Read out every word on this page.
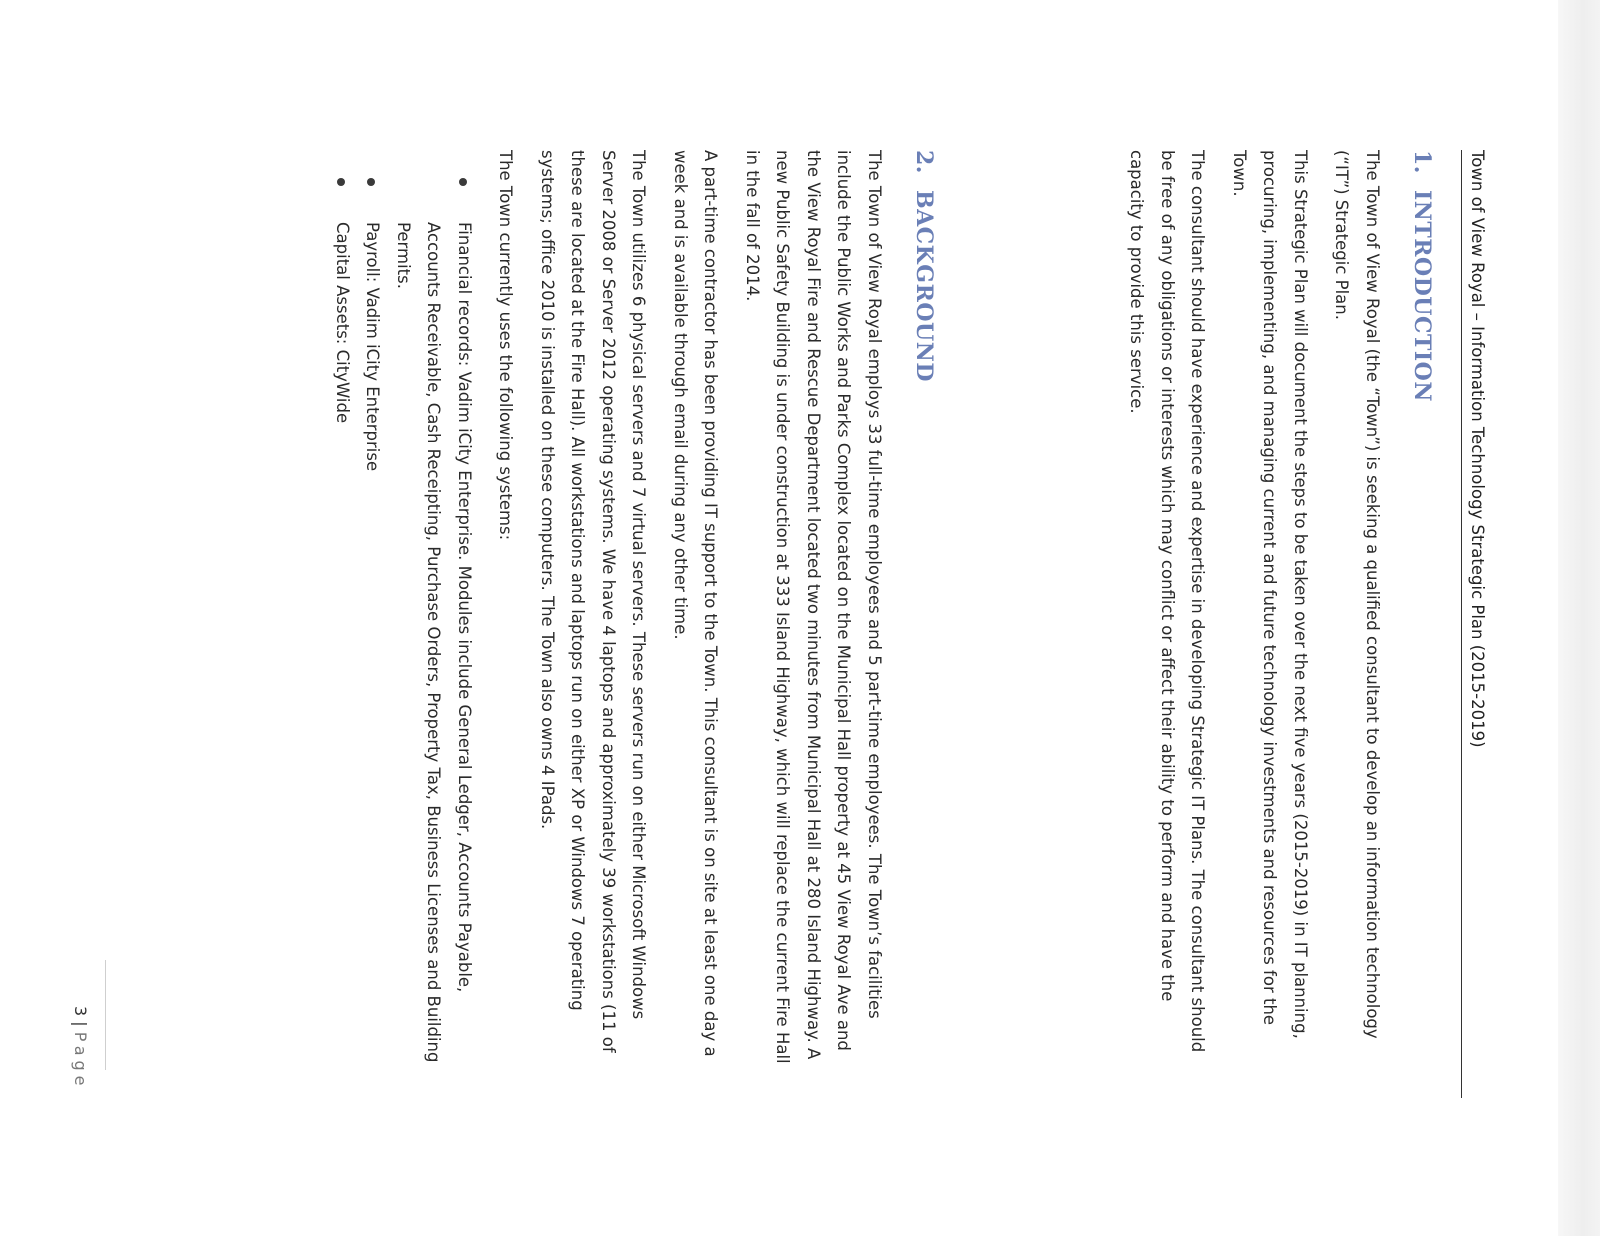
Town of View Royal – Information Technology Strategic Plan (2015-2019)
1.INTRODUCTION

The Town of View Royal (the “Town”) is seeking a qualified consultant to develop an information technology (“IT”) Strategic Plan.

This Strategic Plan will document the steps to be taken over the next five years (2015-2019) in IT planning, procuring, implementing, and managing current and future technology investments and resources for the Town.

The consultant should have experience and expertise in developing Strategic IT Plans. The consultant should be free of any obligations or interests which may conflict or affect their ability to perform and have the capacity to provide this service.

2.BACKGROUND

The Town of View Royal employs 33 full-time employees and 5 part-time employees. The Town’s facilities include the Public Works and Parks Complex located on the Municipal Hall property at 45 View Royal Ave and the View Royal Fire and Rescue Department located two minutes from Municipal Hall at 280 Island Highway. A new Public Safety Building is under construction at 333 Island Highway, which will replace the current Fire Hall in the fall of 2014.

A part-time contractor has been providing IT support to the Town. This consultant is on site at least one day a week and is available through email during any other time.

The Town utilizes 6 physical servers and 7 virtual servers. These servers run on either Microsoft Windows Server 2008 or Server 2012 operating systems. We have 4 laptops and approximately 39 workstations (11 of these are located at the Fire Hall). All workstations and laptops run on either XP or Windows 7 operating systems; office 2010 is installed on these computers. The Town also owns 4 IPads.

The Town currently uses the following systems:

Financial records: Vadim iCity Enterprise. Modules include General Ledger, Accounts Payable, Accounts Receivable, Cash Receipting, Purchase Orders, Property Tax, Business Licenses and Building Permits.
Payroll: Vadim iCity Enterprise
Capital Assets: CityWide
3 | Page
